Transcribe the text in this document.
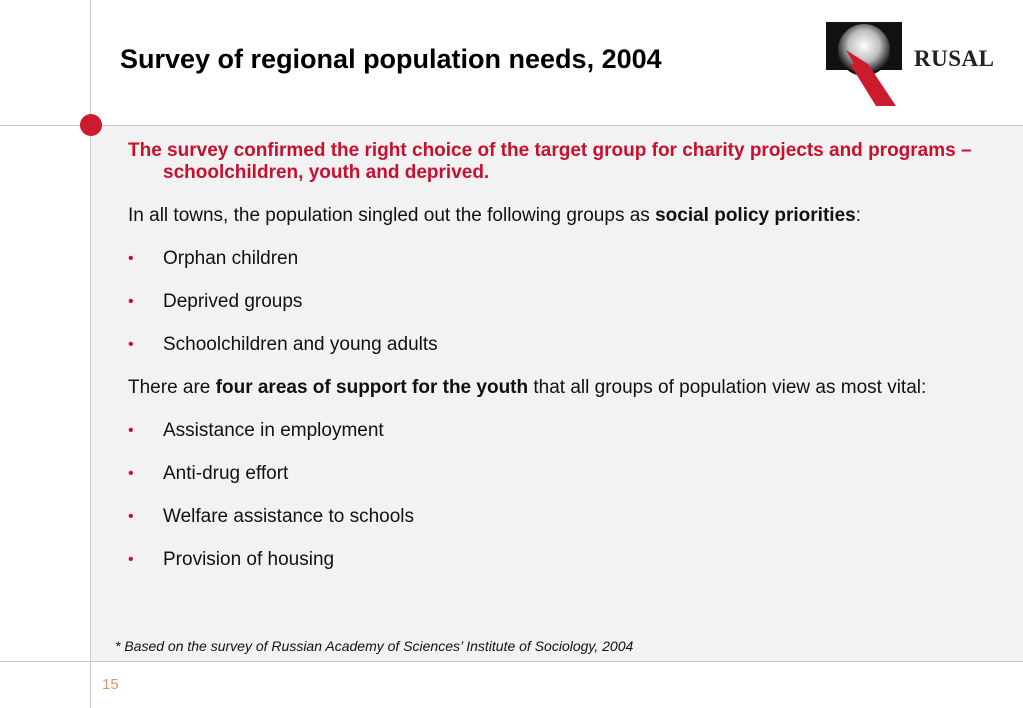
Survey of regional population needs, 2004	RUSAL

The survey confirmed the right choice of the target group for charity projects and programs – schoolchildren, youth and deprived.

In all towns, the population singled out the following groups as social policy priorities:

• Orphan children
• Deprived groups
• Schoolchildren and young adults

There are four areas of support for the youth that all groups of population view as most vital:

• Assistance in employment
• Anti-drug effort
• Welfare assistance to schools
• Provision of housing
* Based on the survey of Russian Academy of Sciences’ Institute of Sociology, 2004
15
